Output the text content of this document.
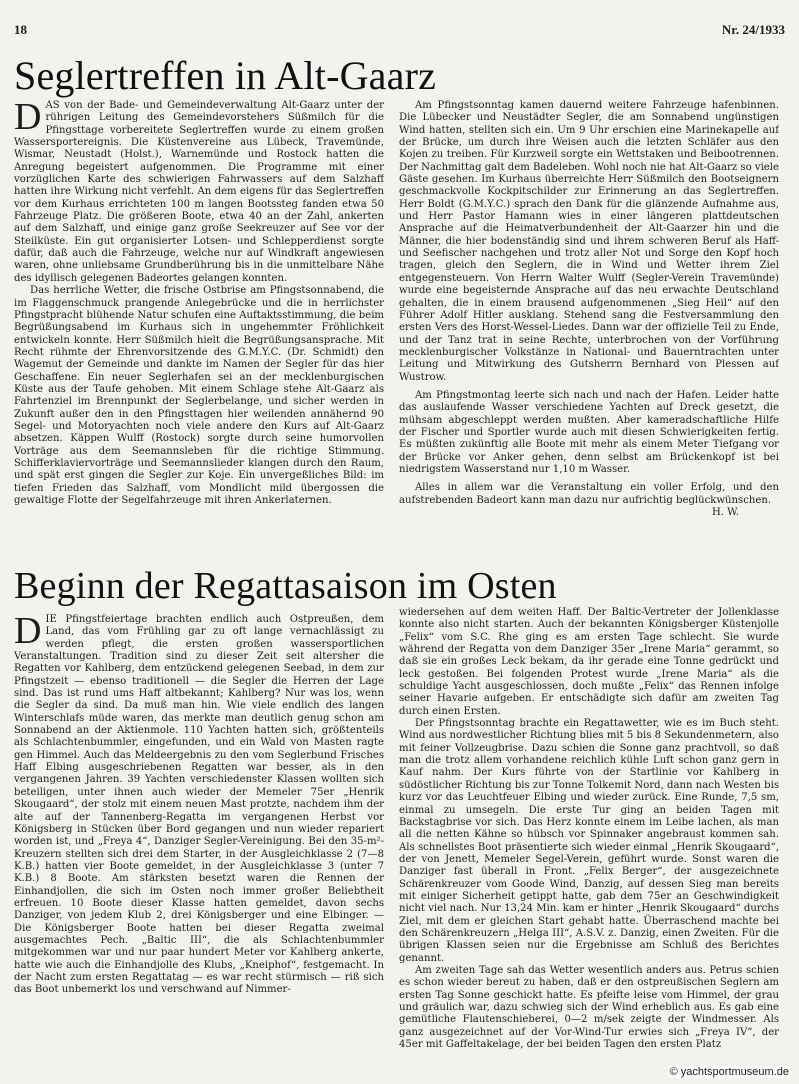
18	Nr. 24/1933
Seglertreffen in Alt-Gaarz

DAS von der Bade- und Gemeindeverwaltung Alt-Gaarz unter der rührigen Leitung des Gemeindevorstehers Süßmilch für die Pfingsttage vorbereitete Seglertreffen wurde zu einem großen Wassersportereignis. Die Küstenvereine aus Lübeck, Travemünde, Wismar, Neustadt (Holst.), Warnemünde und Rostock hatten die Anregung begeistert aufgenommen. Die Programme mit einer vorzüglichen Karte des schwierigen Fahrwassers auf dem Salzhaff hatten ihre Wirkung nicht verfehlt. An dem eigens für das Seglertreffen vor dem Kurhaus errichteten 100 m langen Bootssteg fanden etwa 50 Fahrzeuge Platz. Die größeren Boote, etwa 40 an der Zahl, ankerten auf dem Salzhaff, und einige ganz große Seekreuzer auf See vor der Steilküste. Ein gut organisierter Lotsen- und Schlepperdienst sorgte dafür, daß auch die Fahrzeuge, welche nur auf Windkraft angewiesen waren, ohne unliebsame Grundberührung bis in die unmittelbare Nähe des idyllisch gelegenen Badeortes gelangen konnten.

Das herrliche Wetter, die frische Ostbrise am Pfingstsonnabend, die im Flaggenschmuck prangende Anlegebrücke und die in herrlichster Pfingstpracht blühende Natur schufen eine Auftaktsstimmung, die beim Begrüßungsabend im Kurhaus sich in ungehemmter Fröhlichkeit entwickeln konnte. Herr Süßmilch hielt die Begrüßungsansprache. Mit Recht rühmte der Ehrenvorsitzende des G.M.Y.C. (Dr. Schmidt) den Wagemut der Gemeinde und dankte im Namen der Segler für das hier Geschaffene. Ein neuer Seglerhafen sei an der mecklenburgischen Küste aus der Taufe gehoben. Mit einem Schlage stehe Alt-Gaarz als Fahrtenziel im Brennpunkt der Seglerbelange, und sicher werden in Zukunft außer den in den Pfingsttagen hier weilenden annähernd 90 Segel- und Motoryachten noch viele andere den Kurs auf Alt-Gaarz absetzen. Käppen Wulff (Rostock) sorgte durch seine humorvollen Vorträge aus dem Seemannsleben für die richtige Stimmung. Schifferklaviervorträge und Seemannslieder klangen durch den Raum, und spät erst gingen die Segler zur Koje. Ein unvergeßliches Bild: im tiefen Frieden das Salzhaff, vom Mondlicht mild übergossen die gewaltige Flotte der Segelfahrzeuge mit ihren Ankerlaternen.

Am Pfingstsonntag kamen dauernd weitere Fahrzeuge hafenbinnen. Die Lübecker und Neustädter Segler, die am Sonnabend ungünstigen Wind hatten, stellten sich ein. Um 9 Uhr erschien eine Marinekapelle auf der Brücke, um durch ihre Weisen auch die letzten Schläfer aus den Kojen zu treiben. Für Kurzweil sorgte ein Wettstaken und Beibootrennen. Der Nachmittag galt dem Badeleben. Wohl noch nie hat Alt-Gaarz so viele Gäste gesehen. Im Kurhaus überreichte Herr Süßmilch den Bootseignern geschmackvolle Kockpitschilder zur Erinnerung an das Seglertreffen. Herr Boldt (G.M.Y.C.) sprach den Dank für die glänzende Aufnahme aus, und Herr Pastor Hamann wies in einer längeren plattdeutschen Ansprache auf die Heimatverbundenheit der Alt-Gaarzer hin und die Männer, die hier bodenständig sind und ihrem schweren Beruf als Haff- und Seefischer nachgehen und trotz aller Not und Sorge den Kopf hoch tragen, gleich den Seglern, die in Wind und Wetter ihrem Ziel entgegensteuern. Von Herrn Walter Wulff (Segler-Verein Travemünde) wurde eine begeisternde Ansprache auf das neu erwachte Deutschland gehalten, die in einem brausend aufgenommenen „Sieg Heil“ auf den Führer Adolf Hitler ausklang. Stehend sang die Festversammlung den ersten Vers des Horst-Wessel-Liedes. Dann war der offizielle Teil zu Ende, und der Tanz trat in seine Rechte, unterbrochen von der Vorführung mecklenburgischer Volkstänze in National- und Bauerntrachten unter Leitung und Mitwirkung des Gutsherrn Bernhard von Plessen auf Wustrow.

Am Pfingstmontag leerte sich nach und nach der Hafen. Leider hatte das auslaufende Wasser verschiedene Yachten auf Dreck gesetzt, die mühsam abgeschleppt werden mußten. Aber kameradschaftliche Hilfe der Fischer und Sportler wurde auch mit diesen Schwierigkeiten fertig. Es müßten zukünftig alle Boote mit mehr als einem Meter Tiefgang vor der Brücke vor Anker gehen, denn selbst am Brückenkopf ist bei niedrigstem Wasserstand nur 1,10 m Wasser.

Alles in allem war die Veranstaltung ein voller Erfolg, und den aufstrebenden Badeort kann man dazu nur aufrichtig beglückwünschen.

H. W.
Beginn der Regattasaison im Osten

DIE Pfingstfeiertage brachten endlich auch Ostpreußen, dem Land, das vom Frühling gar zu oft lange vernachlässigt zu werden pflegt, die ersten großen wassersportlichen Veranstaltungen. Tradition sind zu dieser Zeit seit altersher die Regatten vor Kahlberg, dem entzückend gelegenen Seebad, in dem zur Pfingstzeit — ebenso traditionell — die Segler die Herren der Lage sind. Das ist rund ums Haff altbekannt; Kahlberg? Nur was los, wenn die Segler da sind. Da muß man hin. Wie viele endlich des langen Winterschlafs müde waren, das merkte man deutlich genug schon am Sonnabend an der Aktienmole. 110 Yachten hatten sich, größtenteils als Schlachtenbummler, eingefunden, und ein Wald von Masten ragte gen Himmel. Auch das Meldeergebnis zu den vom Seglerbund Frisches Haff Elbing ausgeschriebenen Regatten war besser, als in den vergangenen Jahren. 39 Yachten verschiedenster Klassen wollten sich beteiligen, unter ihnen auch wieder der Memeler 75er „Henrik Skougaard“, der stolz mit einem neuen Mast protzte, nachdem ihm der alte auf der Tannenberg-Regatta im vergangenen Herbst vor Königsberg in Stücken über Bord gegangen und nun wieder repariert worden ist, und „Freya 4“, Danziger Segler-Vereinigung. Bei den 35-m²-Kreuzern stellten sich drei dem Starter, in der Ausgleichklasse 2 (7—8 K.B.) hatten vier Boote gemeldet, in der Ausgleichklasse 3 (unter 7 K.B.) 8 Boote. Am stärksten besetzt waren die Rennen der Einhandjollen, die sich im Osten noch immer großer Beliebtheit erfreuen. 10 Boote dieser Klasse hatten gemeldet, davon sechs Danziger, von jedem Klub 2, drei Königsberger und eine Elbinger. — Die Königsberger Boote hatten bei dieser Regatta zweimal ausgemachtes Pech. „Baltic III“, die als Schlachtenbummler mitgekommen war und nur paar hundert Meter vor Kahlberg ankerte, hatte wie auch die Einhandjolle des Klubs, „Kneiphof“, festgemacht. In der Nacht zum ersten Regattatag — es war recht stürmisch — riß sich das Boot unbemerkt los und verschwand auf Nimmer-

wiedersehen auf dem weiten Haff. Der Baltic-Vertreter der Jollenklasse konnte also nicht starten. Auch der bekannten Königsberger Küstenjolle „Felix“ vom S.C. Rhe ging es am ersten Tage schlecht. Sie wurde während der Regatta von dem Danziger 35er „Irene Maria“ gerammt, so daß sie ein großes Leck bekam, da ihr gerade eine Tonne gedrückt und leck gestoßen. Bei folgenden Protest wurde „Irene Maria“ als die schuldige Yacht ausgeschlossen, doch mußte „Felix“ das Rennen infolge seiner Havarie aufgeben. Er entschädigte sich dafür am zweiten Tag durch einen Ersten.

Der Pfingstsonntag brachte ein Regattawetter, wie es im Buch steht. Wind aus nordwestlicher Richtung blies mit 5 bis 8 Sekundenmetern, also mit feiner Vollzeugbrise. Dazu schien die Sonne ganz prachtvoll, so daß man die trotz allem vorhandene reichlich kühle Luft schon ganz gern in Kauf nahm. Der Kurs führte von der Startlinie vor Kahlberg in südöstlicher Richtung bis zur Tonne Tolkemit Nord, dann nach Westen bis kurz vor das Leuchtfeuer Elbing und wieder zurück. Eine Runde, 7,5 sm, einmal zu umsegeln. Die erste Tur ging an beiden Tagen mit Backstagbrise vor sich. Das Herz konnte einem im Leibe lachen, als man all die netten Kähne so hübsch vor Spinnaker angebraust kommen sah. Als schnellstes Boot präsentierte sich wieder einmal „Henrik Skougaard“, der von Jenett, Memeler Segel-Verein, geführt wurde. Sonst waren die Danziger fast überall in Front. „Felix Berger“, der ausgezeichnete Schärenkreuzer vom Goode Wind, Danzig, auf dessen Sieg man bereits mit einiger Sicherheit getippt hatte, gab dem 75er an Geschwindigkeit nicht viel nach. Nur 13,24 Min. kam er hinter „Henrik Skougaard“ durchs Ziel, mit dem er gleichen Start gehabt hatte. Überraschend machte bei den Schärenkreuzern „Helga III“, A.S.V. z. Danzig, einen Zweiten. Für die übrigen Klassen seien nur die Ergebnisse am Schluß des Berichtes genannt.

Am zweiten Tage sah das Wetter wesentlich anders aus. Petrus schien es schon wieder bereut zu haben, daß er den ostpreußischen Seglern am ersten Tag Sonne geschickt hatte. Es pfeifte leise vom Himmel, der grau und gräulich war, dazu schwieg sich der Wind erheblich aus. Es gab eine gemütliche Flautenschieberei, 0—2 m/sek zeigte der Windmesser. Als ganz ausgezeichnet auf der Vor-Wind-Tur erwies sich „Freya IV“, der 45er mit Gaffeltakelage, der bei beiden Tagen den ersten Platz

© yachtsportmuseum.de
